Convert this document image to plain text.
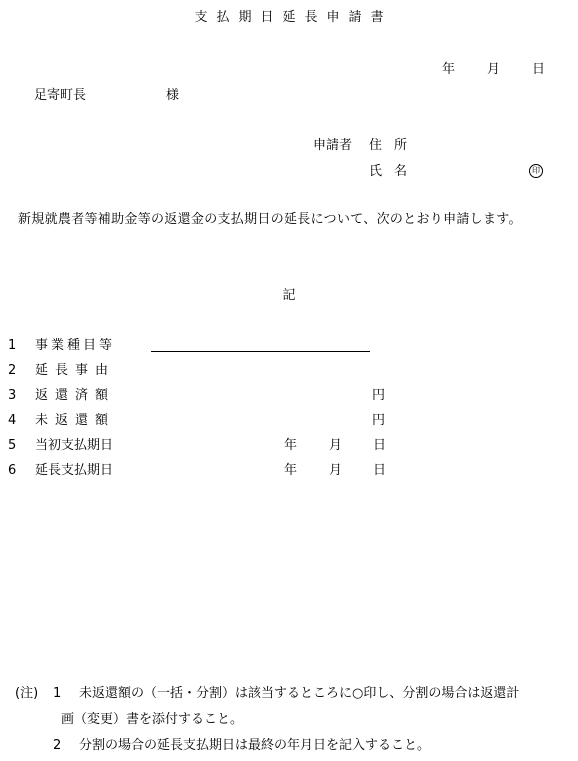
支払期日延長申請書
年 月 日
足寄町長	様
申請者 住所
氏名	印
新規就農者等補助金等の返還金の支払期日の延長について、次のとおり申請します。
記
1 事業種目等
2 延長事由
3 返還済額	円
4 未返還額	円
5 当初支払期日	年 月 日
6 延長支払期日	年 月 日
(注) 1 未返還額の（一括・分割）は該当するところに○印し、分割の場合は返還計
画（変更）書を添付すること。
2 分割の場合の延長支払期日は最終の年月日を記入すること。
